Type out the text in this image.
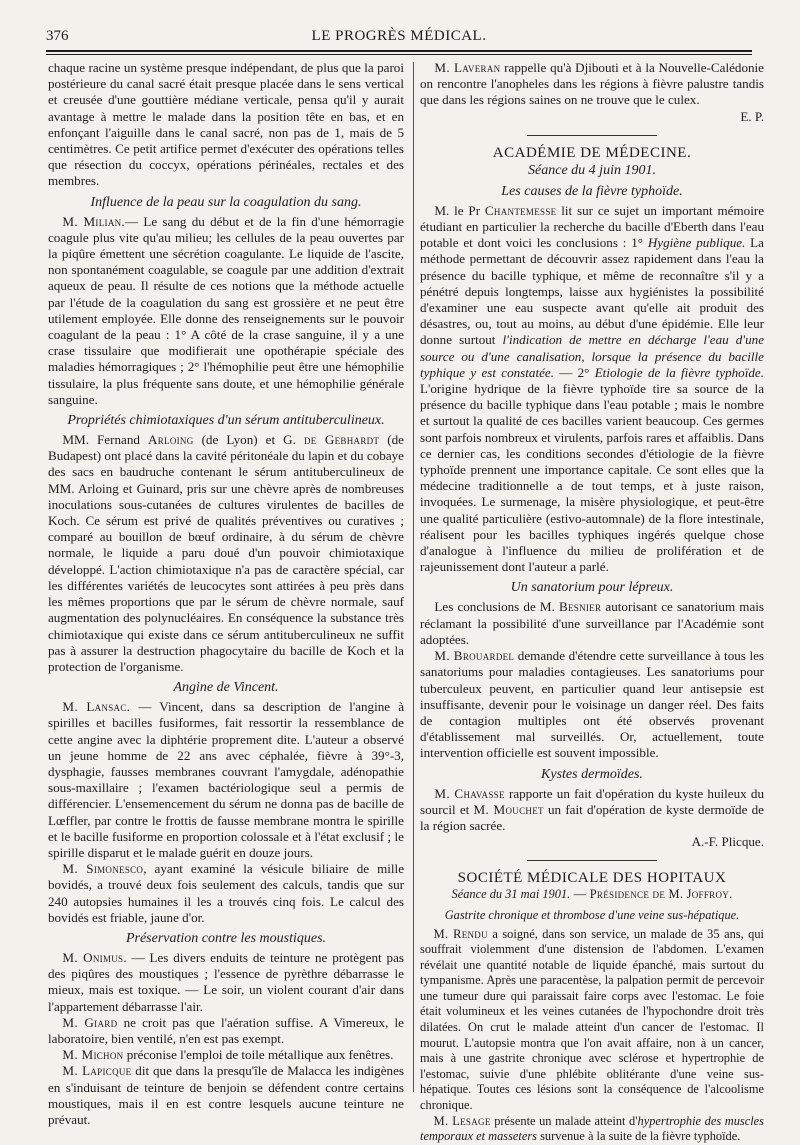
376	LE PROGRÈS MÉDICAL.

chaque racine un système presque indépendant, de plus que la paroi postérieure du canal sacré était presque placée dans le sens vertical et creusée d'une gouttière médiane verticale, pensa qu'il y aurait avantage à mettre le malade dans la position tête en bas, et en enfonçant l'aiguille dans le canal sacré, non pas de 1, mais de 5 centimètres. Ce petit artifice permet d'exécuter des opérations telles que résection du coccyx, opérations périnéales, rectales et des membres.

Influence de la peau sur la coagulation du sang.

M. Milian.— Le sang du début et de la fin d'une hémorragie coagule plus vite qu'au milieu; les cellules de la peau ouvertes par la piqûre émettent une sécrétion coagulante. Le liquide de l'ascite, non spontanément coagulable, se coagule par une addition d'extrait aqueux de peau. Il résulte de ces notions que la méthode actuelle par l'étude de la coagulation du sang est grossière et ne peut être utilement employée. Elle donne des renseignements sur le pouvoir coagulant de la peau : 1° A côté de la crase sanguine, il y a une crase tissulaire que modifierait une opothérapie spéciale des maladies hémorragiques ; 2° l'hémophilie peut être une hémophilie tissulaire, la plus fréquente sans doute, et une hémophilie générale sanguine.

Propriétés chimiotaxiques d'un sérum antituberculineux.

MM. Fernand Arloing (de Lyon) et G. de Gebhardt (de Budapest) ont placé dans la cavité péritonéale du lapin et du cobaye des sacs en baudruche contenant le sérum antituberculineux de MM. Arloing et Guinard, pris sur une chèvre après de nombreuses inoculations sous-cutanées de cultures virulentes de bacilles de Koch. Ce sérum est privé de qualités préventives ou curatives ; comparé au bouillon de bœuf ordinaire, à du sérum de chèvre normale, le liquide a paru doué d'un pouvoir chimiotaxique développé. L'action chimiotaxique n'a pas de caractère spécial, car les différentes variétés de leucocytes sont attirées à peu près dans les mêmes proportions que par le sérum de chèvre normale, sauf augmentation des polynucléaires. En conséquence la substance très chimiotaxique qui existe dans ce sérum antituberculineux ne suffit pas à assurer la destruction phagocytaire du bacille de Koch et la protection de l'organisme.

Angine de Vincent.

M. Lansac. — Vincent, dans sa description de l'angine à spirilles et bacilles fusiformes, fait ressortir la ressemblance de cette angine avec la diphtérie proprement dite. L'auteur a observé un jeune homme de 22 ans avec céphalée, fièvre à 39°-3, dysphagie, fausses membranes couvrant l'amygdale, adénopathie sous-maxillaire ; l'examen bactériologique seul a permis de différencier. L'ensemencement du sérum ne donna pas de bacille de Lœffler, par contre le frottis de fausse membrane montra le spirille et le bacille fusiforme en proportion colossale et à l'état exclusif ; le spirille disparut et le malade guérit en douze jours.

M. Simonesco, ayant examiné la vésicule biliaire de mille bovidés, a trouvé deux fois seulement des calculs, tandis que sur 240 autopsies humaines il les a trouvés cinq fois. Le calcul des bovidés est friable, jaune d'or.

Préservation contre les moustiques.

M. Onimus. — Les divers enduits de teinture ne protègent pas des piqûres des moustiques ; l'essence de pyrèthre débarrasse le mieux, mais est toxique. — Le soir, un violent courant d'air dans l'appartement débarrasse l'air.

M. Giard ne croit pas que l'aération suffise. A Vimereux, le laboratoire, bien ventilé, n'en est pas exempt.

M. Michon préconise l'emploi de toile métallique aux fenêtres.

M. Lapicque dit que dans la presqu'île de Malacca les indigènes en s'induisant de teinture de benjoin se défendent contre certains moustiques, mais il en est contre lesquels aucune teinture ne prévaut.

M. Laveran rappelle qu'à Djibouti et à la Nouvelle-Calédonie on rencontre l'anopheles dans les régions à fièvre palustre tandis que dans les régions saines on ne trouve que le culex.

E. P.
ACADÉMIE DE MÉDECINE.
Séance du 4 juin 1901.
Les causes de la fièvre typhoïde.

M. le Pr Chantemesse lit sur ce sujet un important mémoire étudiant en particulier la recherche du bacille d'Eberth dans l'eau potable et dont voici les conclusions : 1° Hygiène publique. La méthode permettant de découvrir assez rapidement dans l'eau la présence du bacille typhique, et même de reconnaître s'il y a pénétré depuis longtemps, laisse aux hygiénistes la possibilité d'examiner une eau suspecte avant qu'elle ait produit des désastres, ou, tout au moins, au début d'une épidémie. Elle leur donne surtout l'indication de mettre en décharge l'eau d'une source ou d'une canalisation, lorsque la présence du bacille typhique y est constatée. — 2° Etiologie de la fièvre typhoïde. L'origine hydrique de la fièvre typhoïde tire sa source de la présence du bacille typhique dans l'eau potable ; mais le nombre et surtout la qualité de ces bacilles varient beaucoup. Ces germes sont parfois nombreux et virulents, parfois rares et affaiblis. Dans ce dernier cas, les conditions secondes d'étiologie de la fièvre typhoïde prennent une importance capitale. Ce sont elles que la médecine traditionnelle a de tout temps, et à juste raison, invoquées. Le surmenage, la misère physiologique, et peut-être une qualité particulière (estivo-automnale) de la flore intestinale, réalisent pour les bacilles typhiques ingérés quelque chose d'analogue à l'influence du milieu de prolifération et de rajeunissement dont l'auteur a parlé.

Un sanatorium pour lépreux.

Les conclusions de M. Besnier autorisant ce sanatorium mais réclamant la possibilité d'une surveillance par l'Académie sont adoptées.

M. Brouardel demande d'étendre cette surveillance à tous les sanatoriums pour maladies contagieuses. Les sanatoriums pour tuberculeux peuvent, en particulier quand leur antisepsie est insuffisante, devenir pour le voisinage un danger réel. Des faits de contagion multiples ont été observés provenant d'établissement mal surveillés. Or, actuellement, toute intervention officielle est souvent impossible.

Kystes dermoïdes.

M. Chavasse rapporte un fait d'opération du kyste huileux du sourcil et M. Mouchet un fait d'opération de kyste dermoïde de la région sacrée.

A.-F. Plicque.
SOCIÉTÉ MÉDICALE DES HOPITAUX
Séance du 31 mai 1901. — Présidence de M. Joffroy.
Gastrite chronique et thrombose d'une veine sus-hépatique.

M. Rendu a soigné, dans son service, un malade de 35 ans, qui souffrait violemment d'une distension de l'abdomen. L'examen révélait une quantité notable de liquide épanché, mais surtout du tympanisme. Après une paracentèse, la palpation permit de percevoir une tumeur dure qui paraissait faire corps avec l'estomac. Le foie était volumineux et les veines cutanées de l'hypochondre droit très dilatées. On crut le malade atteint d'un cancer de l'estomac. Il mourut. L'autopsie montra que l'on avait affaire, non à un cancer, mais à une gastrite chronique avec sclérose et hypertrophie de l'estomac, suivie d'une phlébite oblitérante d'une veine sus-hépatique. Toutes ces lésions sont la conséquence de l'alcoolisme chronique.

M. Lesage présente un malade atteint d'hypertrophie des muscles temporaux et masseters survenue à la suite de la fièvre typhoïde.
